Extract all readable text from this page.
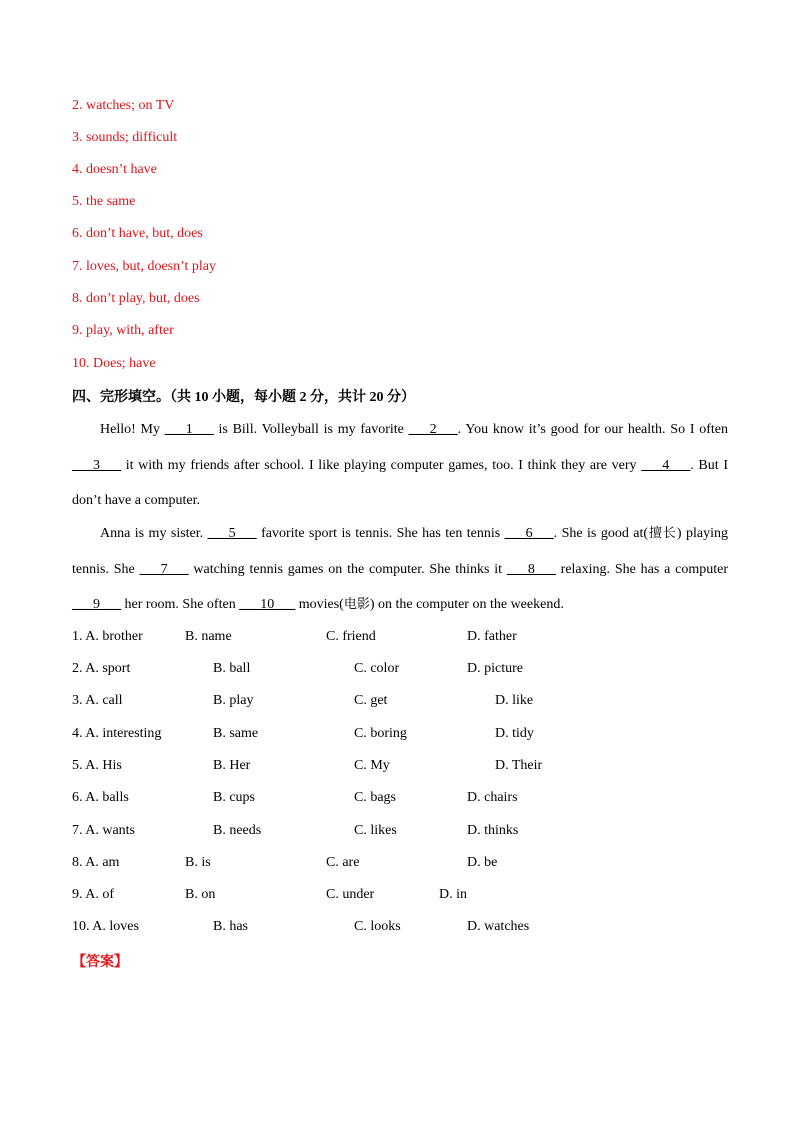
2. watches; on TV
3. sounds; difficult
4. doesn’t have
5. the same
6. don’t have, but, does
7. loves, but, doesn’t play
8. don’t play, but, does
9. play, with, after
10. Does; have
四、完形填空。（共 10 小题，每小题 2 分，共计 20 分）
Hello! My ___1___ is Bill. Volleyball is my favorite ___2___. You know it’s good for our health. So I often
___3___ it with my friends after school. I like playing computer games, too. I think they are very ___4___. But I
don’t have a computer.
Anna is my sister. ___5___ favorite sport is tennis. She has ten tennis ___6___. She is good at(擅长) playing
tennis. She ___7___ watching tennis games on the computer. She thinks it ___8___ relaxing. She has a computer
___9___ her room. She often ___10___ movies(电影) on the computer on the weekend.
1. A. brother	B. name	C. friend	D. father
2. A. sport	B. ball	C. color	D. picture
3. A. call	B. play	C. get	D. like
4. A. interesting	B. same	C. boring	D. tidy
5. A. His	B. Her	C. My	D. Their
6. A. balls	B. cups	C. bags	D. chairs
7. A. wants	B. needs	C. likes	D. thinks
8. A. am	B. is	C. are	D. be
9. A. of	B. on	C. under	D. in
10. A. loves	B. has	C. looks	D. watches
【答案】
